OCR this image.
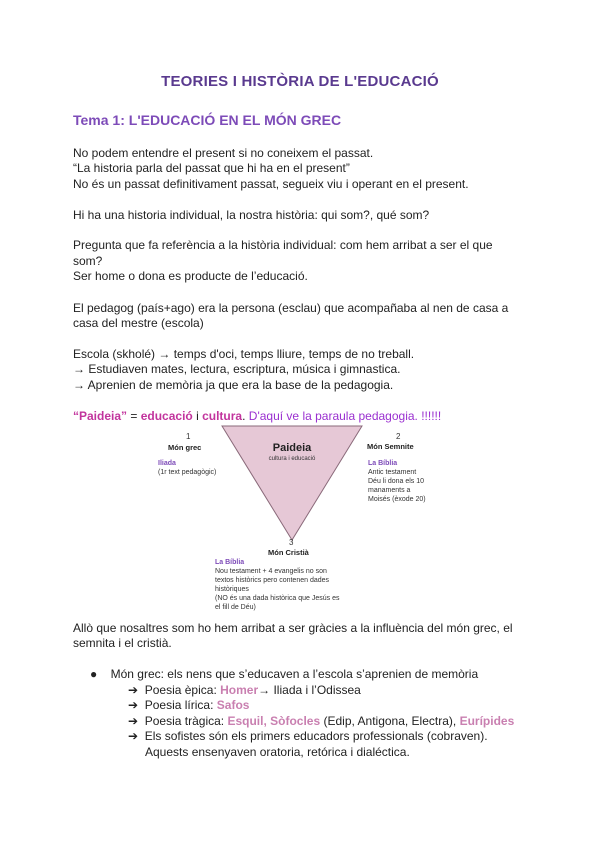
TEORIES I HISTÒRIA DE L'EDUCACIÓ
Tema 1: L'EDUCACIÓ EN EL MÓN GREC

No podem entendre el present si no coneixem el passat.

“La historia parla del passat que hi ha en el present”

No és un passat definitivament passat, segueix viu i operant en el present.

Hi ha una historia individual, la nostra història: qui som?, qué som?

Pregunta que fa referència a la història individual: com hem arribat a ser el que

som?

Ser home o dona es producte de l’educació.

El pedagog (país+ago) era la persona (esclau) que acompañaba al nen de casa a

casa del mestre (escola)

Escola (skholé) → temps d'oci, temps lliure, temps de no treball.

→ Estudiaven mates, lectura, escriptura, música i gimnastica.

→ Aprenien de memòria ja que era la base de la pedagogia.

“Paideia” = educació i cultura. D'aquí ve la paraula pedagogia. !!!!!!

Paideia
cultura i educació
1
Món grec
Iliada
(1r text pedagògic)
2
Món Semnite
La Bíblia
Antic testament
Déu li dona els 10
manaments a
Moisés (èxode 20)
3
Món Cristià
La Bíblia
Nou testament + 4 evangelis no son
textos històrics pero contenen dades
històriques
(NO és una dada històrica que Jesús es
el fill de Déu)

Allò que nosaltres som ho hem arribat a ser gràcies a la influència del món grec, el

semnita i el cristià.

●    Món grec: els nens que s’educaven a l’escola s’aprenien de memòria
➔  Poesia èpica: Homer→ Iliada i l’Odissea
➔  Poesia lírica: Safos
➔  Poesia tràgica: Esquil, Sòfocles (Edip, Antigona, Electra), Eurípides
➔  Els sofistes són els primers educadors professionals (cobraven).
Aquests ensenyaven oratoria, retórica i dialéctica.
